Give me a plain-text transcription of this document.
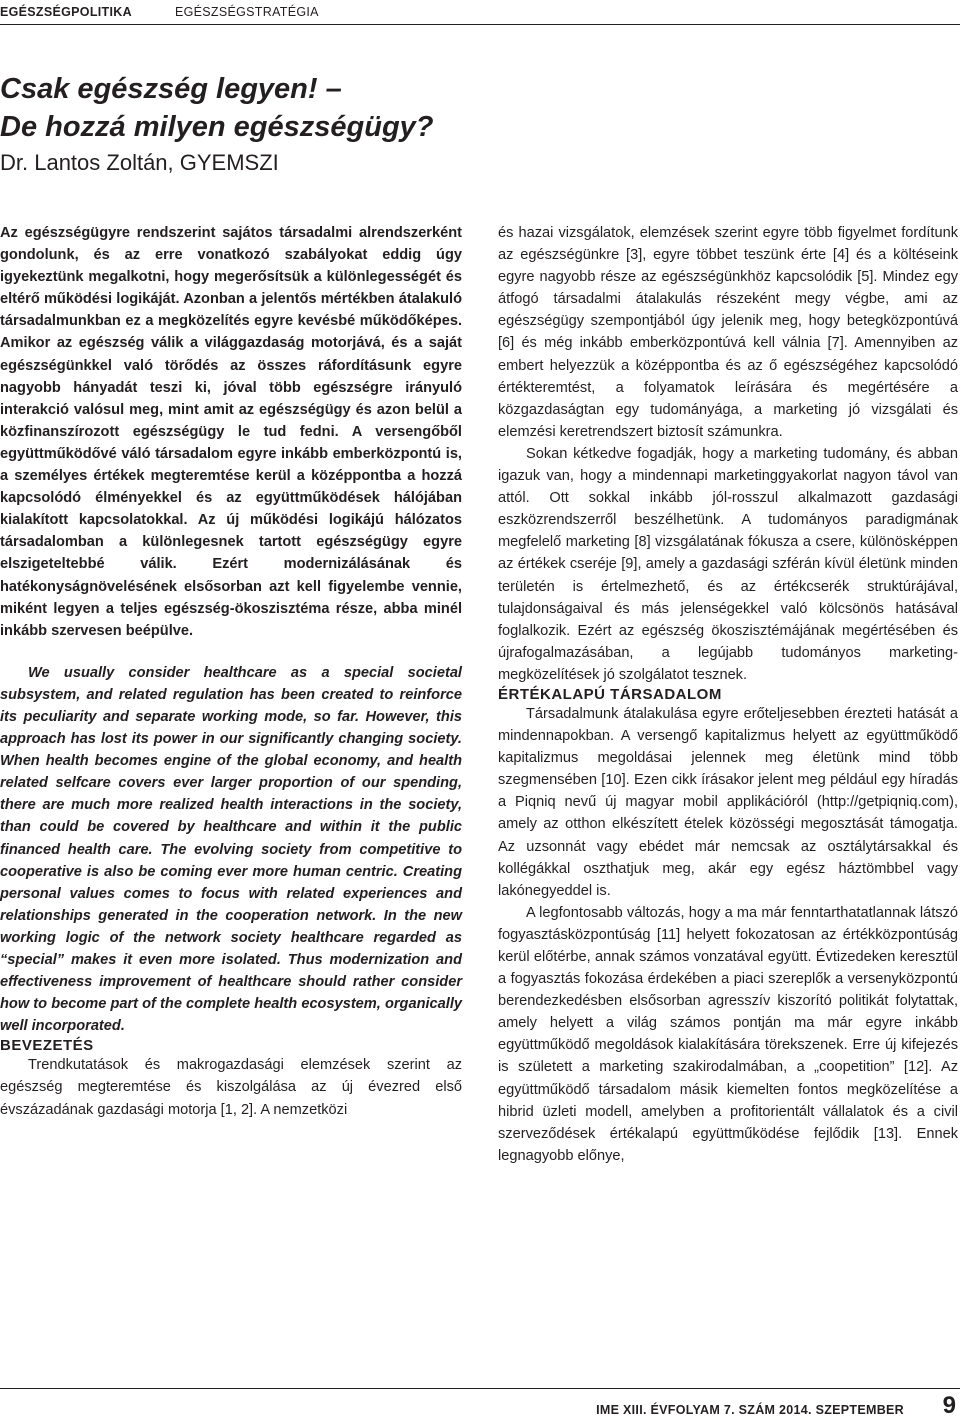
EGÉSZSÉGPOLITIKA	EGÉSZSÉGSTRATÉGIA
Csak egészség legyen! –
De hozzá milyen egészségügy?
Dr. Lantos Zoltán, GYEMSZI

Az egészségügyre rendszerint sajátos társadalmi alrendszerként gondolunk, és az erre vonatkozó szabályokat eddig úgy igyekeztünk megalkotni, hogy megerősítsük a különlegességét és eltérő működési logikáját. Azonban a jelentős mértékben átalakuló társadalmunkban ez a megközelítés egyre kevésbé működőképes. Amikor az egészség válik a világgazdaság motorjává, és a saját egészségünkkel való törődés az összes ráfordításunk egyre nagyobb hányadát teszi ki, jóval több egészségre irányuló interakció valósul meg, mint amit az egészségügy és azon belül a közfinanszírozott egészségügy le tud fedni. A versengőből együttműködővé váló társadalom egyre inkább emberközpontú is, a személyes értékek megteremtése kerül a középpontba a hozzá kapcsolódó élményekkel és az együttműködések hálójában kialakított kapcsolatokkal. Az új működési logikájú hálózatos társadalomban a különlegesnek tartott egészségügy egyre elszigeteltebbé válik. Ezért modernizálásának és hatékonyságnövelésének elsősorban azt kell figyelembe vennie, miként legyen a teljes egészség-ökoszisztéma része, abba minél inkább szervesen beépülve.

We usually consider healthcare as a special societal subsystem, and related regulation has been created to reinforce its peculiarity and separate working mode, so far. However, this approach has lost its power in our significantly changing society. When health becomes engine of the global economy, and health related selfcare covers ever larger proportion of our spending, there are much more realized health interactions in the society, than could be covered by healthcare and within it the public financed health care. The evolving society from competitive to cooperative is also be coming ever more human centric. Creating personal values comes to focus with related experiences and relationships generated in the cooperation network. In the new working logic of the network society healthcare regarded as “special” makes it even more isolated. Thus modernization and effectiveness improvement of healthcare should rather consider how to become part of the complete health ecosystem, organically well incorporated.

BEVEZETÉS

Trendkutatások és makrogazdasági elemzések szerint az egészség megteremtése és kiszolgálása az új évezred első évszázadának gazdasági motorja [1, 2]. A nemzetközi

és hazai vizsgálatok, elemzések szerint egyre több figyelmet fordítunk az egészségünkre [3], egyre többet teszünk érte [4] és a költéseink egyre nagyobb része az egészségünkhöz kapcsolódik [5]. Mindez egy átfogó társadalmi átalakulás részeként megy végbe, ami az egészségügy szempontjából úgy jelenik meg, hogy betegközpontúvá [6] és még inkább emberközpontúvá kell válnia [7]. Amennyiben az embert helyezzük a középpontba és az ő egészségéhez kapcsolódó értékteremtést, a folyamatok leírására és megértésére a közgazdaságtan egy tudományága, a marketing jó vizsgálati és elemzési keretrendszert biztosít számunkra.

Sokan kétkedve fogadják, hogy a marketing tudomány, és abban igazuk van, hogy a mindennapi marketinggyakorlat nagyon távol van attól. Ott sokkal inkább jól-rosszul alkalmazott gazdasági eszközrendszerről beszélhetünk. A tudományos paradigmának megfelelő marketing [8] vizsgálatának fókusza a csere, különösképpen az értékek cseréje [9], amely a gazdasági szférán kívül életünk minden területén is értelmezhető, és az értékcserék struktúrájával, tulajdonságaival és más jelenségekkel való kölcsönös hatásával foglalkozik. Ezért az egészség ökoszisztémájának megértésében és újrafogalmazásában, a legújabb tudományos marketing-megközelítések jó szolgálatot tesznek.

ÉRTÉKALAPÚ TÁRSADALOM

Társadalmunk átalakulása egyre erőteljesebben érezteti hatását a mindennapokban. A versengő kapitalizmus helyett az együttműködő kapitalizmus megoldásai jelennek meg életünk mind több szegmensében [10]. Ezen cikk írásakor jelent meg például egy híradás a Piqniq nevű új magyar mobil applikációról (http://getpiqniq.com), amely az otthon elkészített ételek közösségi megosztását támogatja. Az uzsonnát vagy ebédet már nemcsak az osztálytársakkal és kollégákkal oszthatjuk meg, akár egy egész háztömbbel vagy lakónegyeddel is.

A legfontosabb változás, hogy a ma már fenntarthatatlannak látszó fogyasztásközpontúság [11] helyett fokozatosan az értékközpontúság kerül előtérbe, annak számos vonzatával együtt. Évtizedeken keresztül a fogyasztás fokozása érdekében a piaci szereplők a versenyközpontú berendezkedésben elsősorban agresszív kiszorító politikát folytattak, amely helyett a világ számos pontján ma már egyre inkább együttműködő megoldások kialakítására törekszenek. Erre új kifejezés is született a marketing szakirodalmában, a „coopetition” [12]. Az együttműködő társadalom másik kiemelten fontos megközelítése a hibrid üzleti modell, amelyben a profitorientált vállalatok és a civil szerveződések értékalapú együttműködése fejlődik [13]. Ennek legnagyobb előnye,

IME XIII. ÉVFOLYAM 7. SZÁM 2014. SZEPTEMBER 9
